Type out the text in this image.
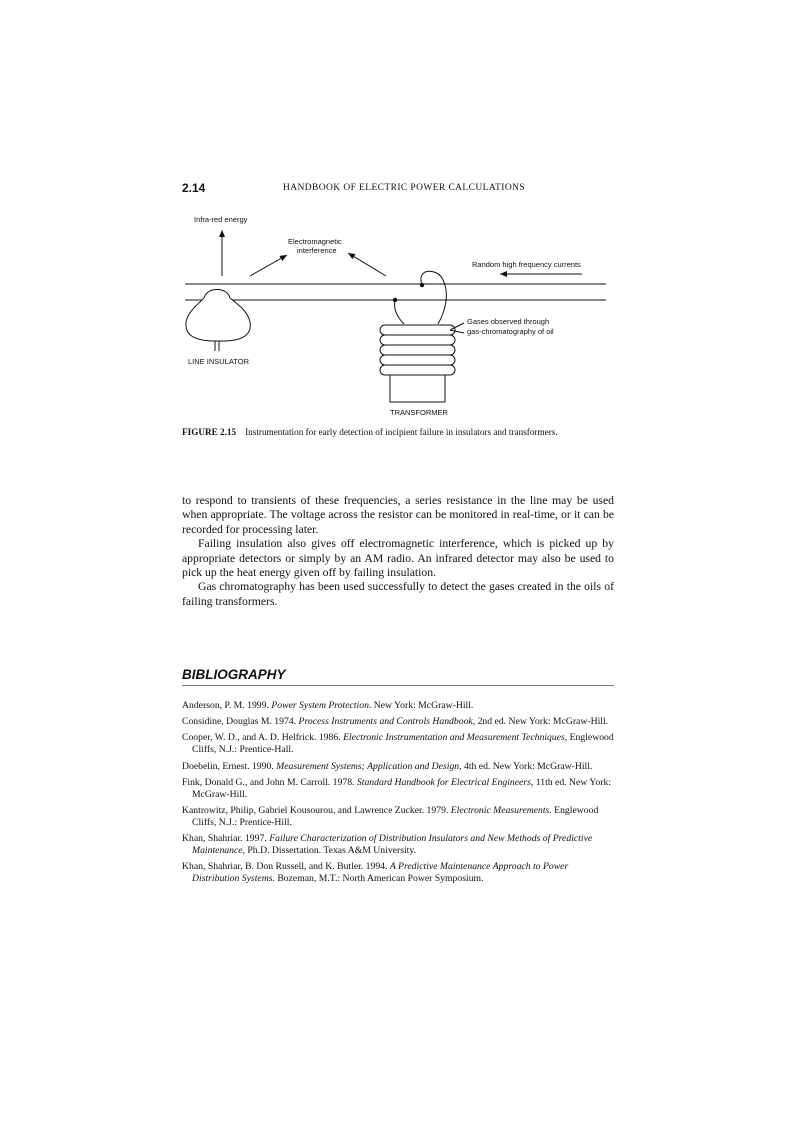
2.14	HANDBOOK OF ELECTRIC POWER CALCULATIONS
Infra-red energy
Electromagnetic
interference
Random high frequency currents
Gases observed through
gas-chromatography of oil
LINE INSULATOR
TRANSFORMER
FIGURE 2.15 Instrumentation for early detection of incipient failure in insulators and transformers.

to respond to transients of these frequencies, a series resistance in the line may be used when appropriate. The voltage across the resistor can be monitored in real-time, or it can be recorded for processing later.

Failing insulation also gives off electromagnetic interference, which is picked up by appropriate detectors or simply by an AM radio. An infrared detector may also be used to pick up the heat energy given off by failing insulation.

Gas chromatography has been used successfully to detect the gases created in the oils of failing transformers.

BIBLIOGRAPHY
Anderson, P. M. 1999. Power System Protection. New York: McGraw-Hill.
Considine, Douglas M. 1974. Process Instruments and Controls Handbook, 2nd ed. New York: McGraw-Hill.
Cooper, W. D., and A. D. Helfrick. 1986. Electronic Instrumentation and Measurement Techniques, Englewood Cliffs, N.J.: Prentice-Hall.
Doebelin, Ernest. 1990. Measurement Systems; Application and Design, 4th ed. New York: McGraw-Hill.
Fink, Donald G., and John M. Carroll. 1978. Standard Handbook for Electrical Engineers, 11th ed. New York: McGraw-Hill.
Kantrowitz, Philip, Gabriel Kousourou, and Lawrence Zucker. 1979. Electronic Measurements. Englewood Cliffs, N.J.: Prentice-Hill.
Khan, Shahriar. 1997. Failure Characterization of Distribution Insulators and New Methods of Predictive Maintenance, Ph.D. Dissertation. Texas A&M University.
Khan, Shahriar, B. Don Russell, and K. Butler. 1994. A Predictive Maintenance Approach to Power Distribution Systems. Bozeman, M.T.: North American Power Symposium.
